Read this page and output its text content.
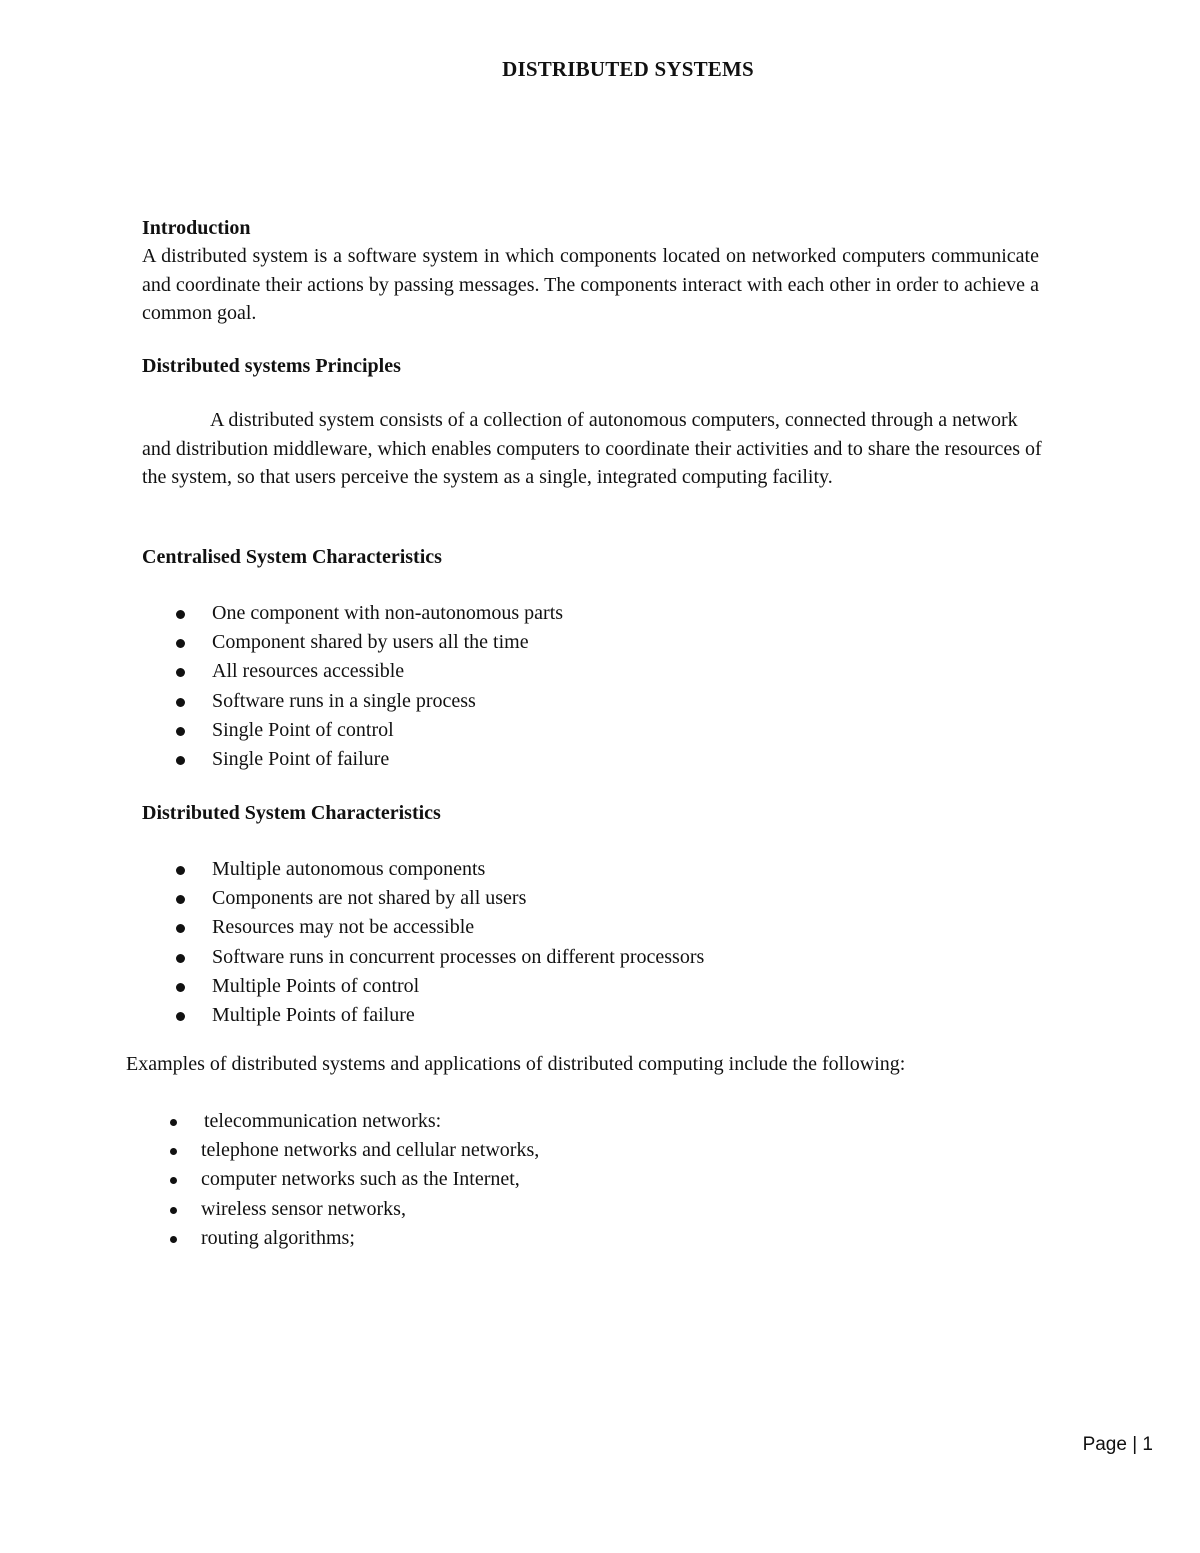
DISTRIBUTED SYSTEMS
Introduction
A distributed system is a software system in which components located on networked computers communicate and coordinate their actions by passing messages. The components interact with each other in order to achieve a common goal.
Distributed systems Principles
A distributed system consists of a collection of autonomous computers, connected through a network and distribution middleware, which enables computers to coordinate their activities and to share the resources of the system, so that users perceive the system as a single, integrated computing facility.
Centralised System Characteristics
One component with non-autonomous parts
Component shared by users all the time
All resources accessible
Software runs in a single process
Single Point of control
Single Point of failure
Distributed System Characteristics
Multiple autonomous components
Components are not shared by all users
Resources may not be accessible
Software runs in concurrent processes on different processors
Multiple Points of control
Multiple Points of failure
Examples of distributed systems and applications of distributed computing include the following:
telecommunication networks:
telephone networks and cellular networks,
computer networks such as the Internet,
wireless sensor networks,
routing algorithms;
Page | 1
